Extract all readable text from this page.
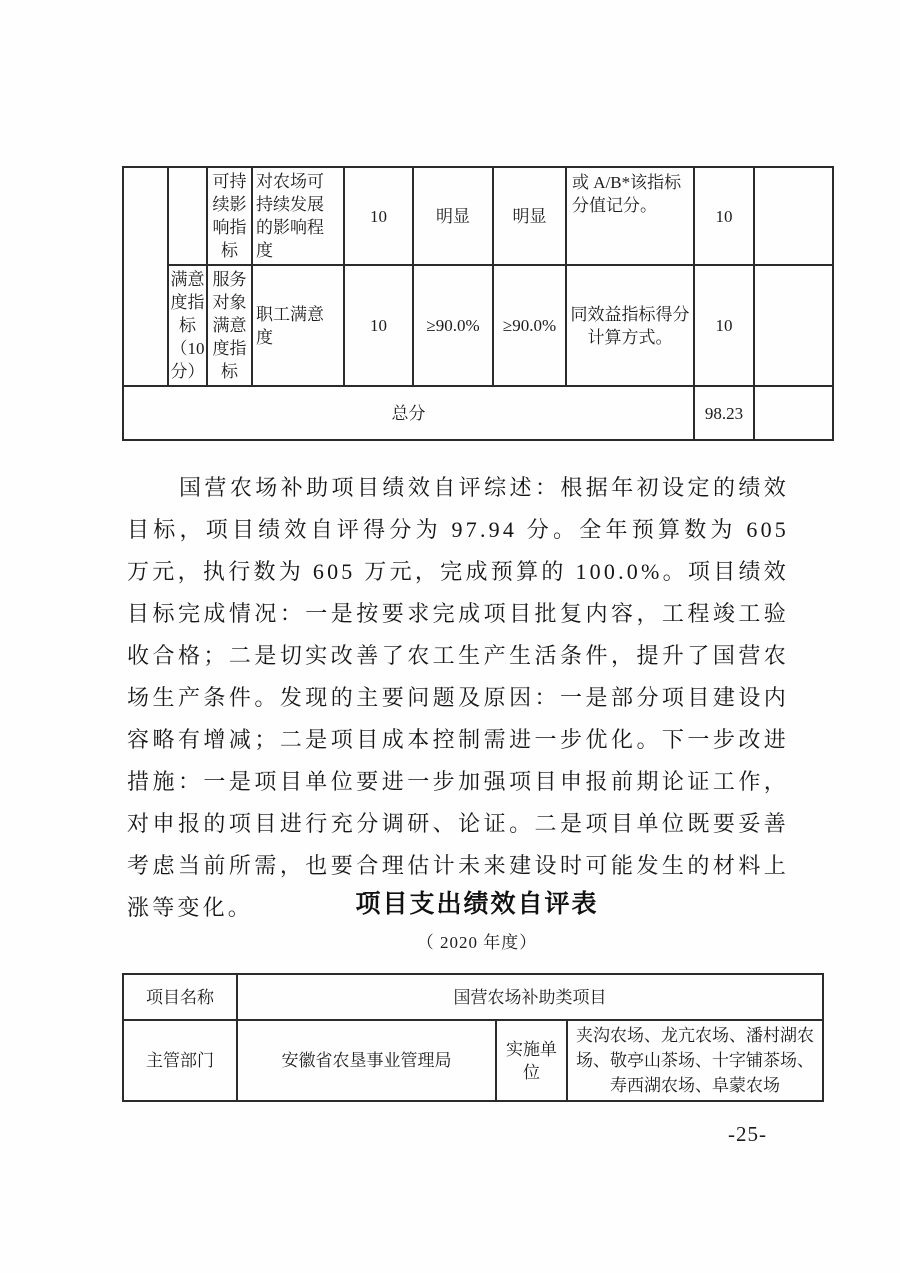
		可持续影响指标	对农场可持续发展的影响程度	10	明显	明显	或 A/B*该指标分值记分。	10	
	满意度指标（10分）	服务对象满意度指标	职工满意度	10	≥90.0%	≥90.0%	同效益指标得分计算方式。	10	
总分								98.23	
国营农场补助项目绩效自评综述：根据年初设定的绩效目标，项目绩效自评得分为 97.94 分。全年预算数为 605 万元，执行数为 605 万元，完成预算的 100.0%。项目绩效目标完成情况：一是按要求完成项目批复内容，工程竣工验收合格；二是切实改善了农工生产生活条件，提升了国营农场生产条件。发现的主要问题及原因：一是部分项目建设内容略有增减；二是项目成本控制需进一步优化。下一步改进措施：一是项目单位要进一步加强项目申报前期论证工作，对申报的项目进行充分调研、论证。二是项目单位既要妥善考虑当前所需，也要合理估计未来建设时可能发生的材料上涨等变化。	项目支出绩效自评表
（ 2020 年度）
项目名称	国营农场补助类项目		
主管部门	安徽省农垦事业管理局	实施单位	夹沟农场、龙亢农场、潘村湖农场、敬亭山茶场、十字铺茶场、寿西湖农场、阜蒙农场
-25-
